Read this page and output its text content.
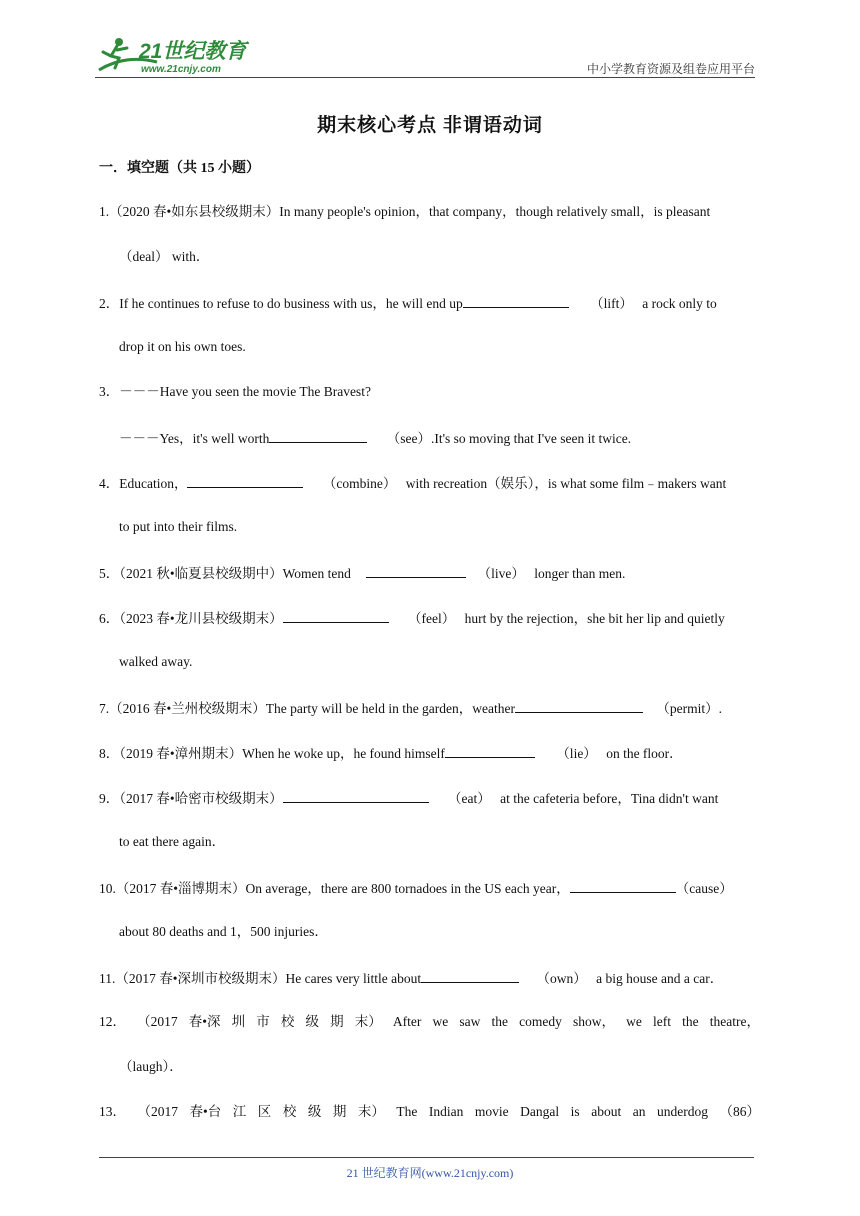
21世纪教育
www.21cnjy.com	中小学教育资源及组卷应用平台
期末核心考点 非谓语动词
一．填空题（共 15 小题）
1.（2020 春•如东县校级期末）In many people's opinion，that company，though relatively small，is pleasant
（deal） with．
2．If he continues to refuse to do business with us，he will end up	（lift） a rock only to
drop it on his own toes.
3．－－－Have you seen the movie The Bravest?
－－－Yes，it's well worth	（see）.It's so moving that I've seen it twice.
4．Education，	（combine） with recreation（娱乐），is what some film﹣makers want
to put into their films.
5．（2021 秋•临夏县校级期中）Women tend	（live） longer than men.
6．（2023 春•龙川县校级期末）	（feel） hurt by the rejection，she bit her lip and quietly
walked away.
7.（2016 春•兰州校级期末）The party will be held in the garden，weather	（permit）.
8．（2019 春•漳州期末）When he woke up，he found himself	（lie） on the floor．
9．（2017 春•哈密市校级期末）	（eat） at the cafeteria before，Tina didn't want
to eat there again．
10.（2017 春•淄博期末）On average，there are 800 tornadoes in the US each year，	（cause）
about 80 deaths and 1，500 injuries．
11.（2017 春•深圳市校级期末）He cares very little about	（own） a big house and a car．
12． （2017 春•深 圳 市 校 级 期 末） After we saw the comedy show， we left the theatre，
（laugh）．
13． （2017 春•台 江 区 校 级 期 末） The Indian movie Dangal is about an underdog （86）
21 世纪教育网(www.21cnjy.com)
